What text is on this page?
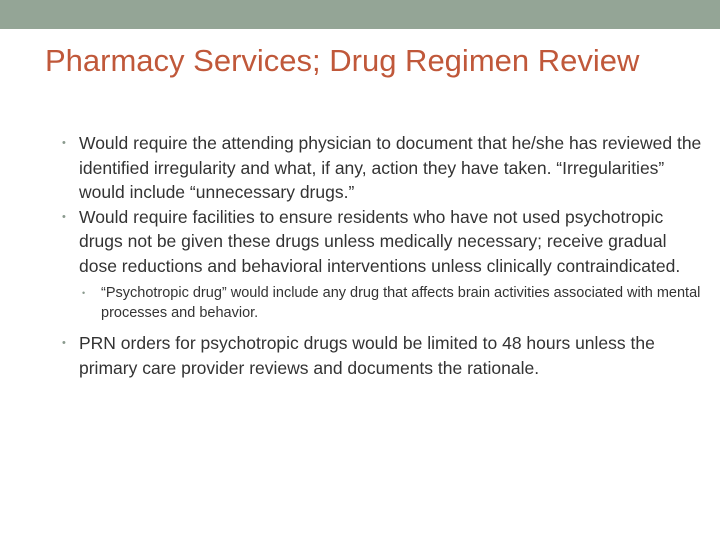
Pharmacy Services; Drug Regimen Review
• Would require the attending physician to document that he/she has reviewed the identified irregularity and what, if any, action they have taken. “Irregularities” would include “unnecessary drugs.”
• Would require facilities to ensure residents who have not used psychotropic drugs not be given these drugs unless medically necessary; receive gradual dose reductions and behavioral interventions unless clinically contraindicated.
• “Psychotropic drug” would include any drug that affects brain activities associated with mental processes and behavior.
• PRN orders for psychotropic drugs would be limited to 48 hours unless the primary care provider reviews and documents the rationale.
